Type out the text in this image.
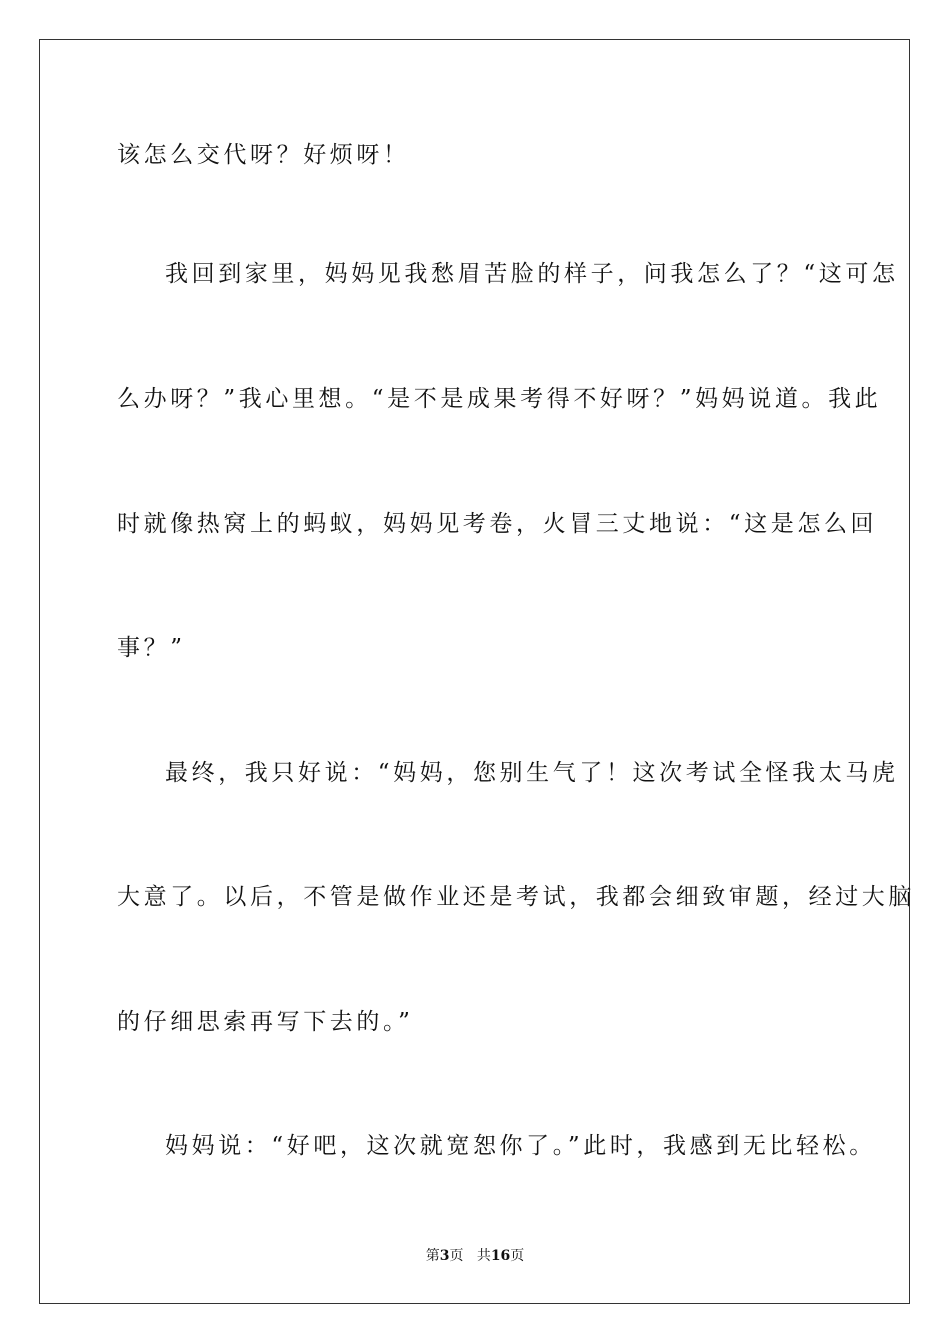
该怎么交代呀？好烦呀！
我回到家里，妈妈见我愁眉苦脸的样子，问我怎么了？“这可怎
么办呀？”我心里想。“是不是成果考得不好呀？”妈妈说道。我此
时就像热窝上的蚂蚁，妈妈见考卷，火冒三丈地说：“这是怎么回
事？”
最终，我只好说：“妈妈，您别生气了！这次考试全怪我太马虎
大意了。以后，不管是做作业还是考试，我都会细致审题，经过大脑
的仔细思索再写下去的。”
妈妈说：“好吧，这次就宽恕你了。”此时，我感到无比轻松。
第3页 共16页
